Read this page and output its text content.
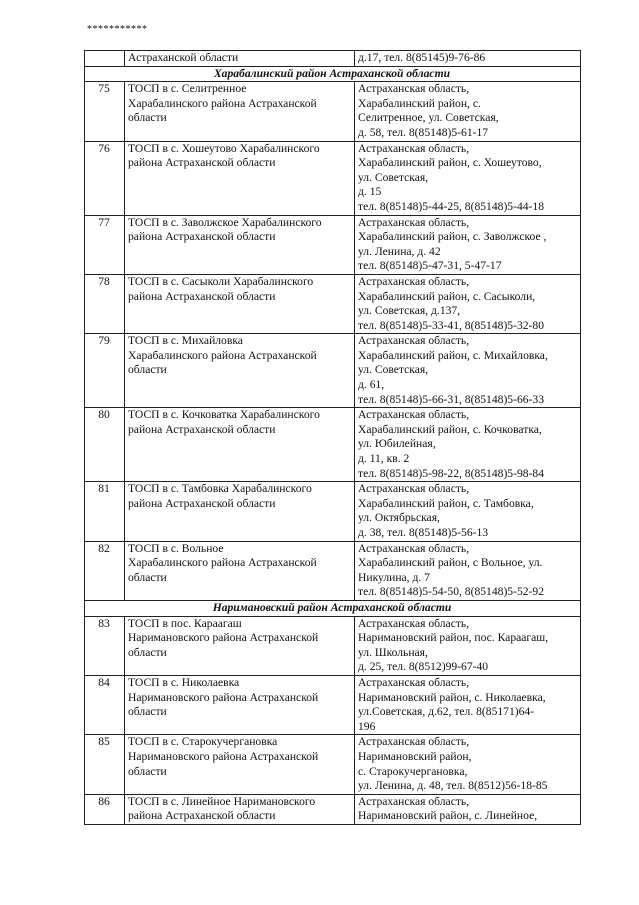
***********
	Астраханской области	д.17, тел. 8(85145)9-76-86
Харабалинский район Астраханской области		
75	ТОСП в с. Селитренное
Харабалинского района Астраханской
области	Астраханская область,
Харабалинский район, с.
Селитренное, ул. Советская,
д. 58, тел. 8(85148)5-61-17
76	ТОСП в с. Хошеутово Харабалинского
района Астраханской области	Астраханская область,
Харабалинский район, с. Хошеутово,
ул. Советская,
д. 15
тел. 8(85148)5-44-25, 8(85148)5-44-18
77	ТОСП в с. Заволжское Харабалинского
района Астраханской области	Астраханская область,
Харабалинский район, с. Заволжское ,
ул. Ленина, д. 42
тел. 8(85148)5-47-31, 5-47-17
78	ТОСП в с. Сасыколи Харабалинского
района Астраханской области	Астраханская область,
Харабалинский район, с. Сасыколи,
ул. Советская, д.137,
тел. 8(85148)5-33-41, 8(85148)5-32-80
79	ТОСП в с. Михайловка
Харабалинского района Астраханской
области	Астраханская область,
Харабалинский район, с. Михайловка,
ул. Советская,
д. 61,
тел. 8(85148)5-66-31, 8(85148)5-66-33
80	ТОСП в с. Кочковатка Харабалинского
района Астраханской области	Астраханская область,
Харабалинский район, с. Кочковатка,
ул. Юбилейная,
д. 11, кв. 2
тел. 8(85148)5-98-22, 8(85148)5-98-84
81	ТОСП в с. Тамбовка Харабалинского
района Астраханской области	Астраханская область,
Харабалинский район, с. Тамбовка,
ул. Октябрьская,
д. 38, тел. 8(85148)5-56-13
82	ТОСП в с. Вольное
Харабалинского района Астраханской
области	Астраханская область,
Харабалинский район, с Вольное, ул.
Никулина, д. 7
тел. 8(85148)5-54-50, 8(85148)5-52-92
Наримановский район Астраханской области		
83	ТОСП в пос. Караагаш
Наримановского района Астраханской
области	Астраханская область,
Наримановский район, пос. Караагаш,
ул. Школьная,
д. 25, тел. 8(8512)99-67-40
84	ТОСП в с. Николаевка
Наримановского района Астраханской
области	Астраханская область,
Наримановский район, с. Николаевка,
ул.Советская, д.62, тел. 8(85171)64-
196
85	ТОСП в с. Старокучергановка
Наримановского района Астраханской
области	Астраханская область,
Наримановский район,
с. Старокучергановка,
ул. Ленина, д. 48, тел. 8(8512)56-18-85
86	ТОСП в с. Линейное Наримановского
района Астраханской области	Астраханская область,
Наримановский район, с. Линейное,
